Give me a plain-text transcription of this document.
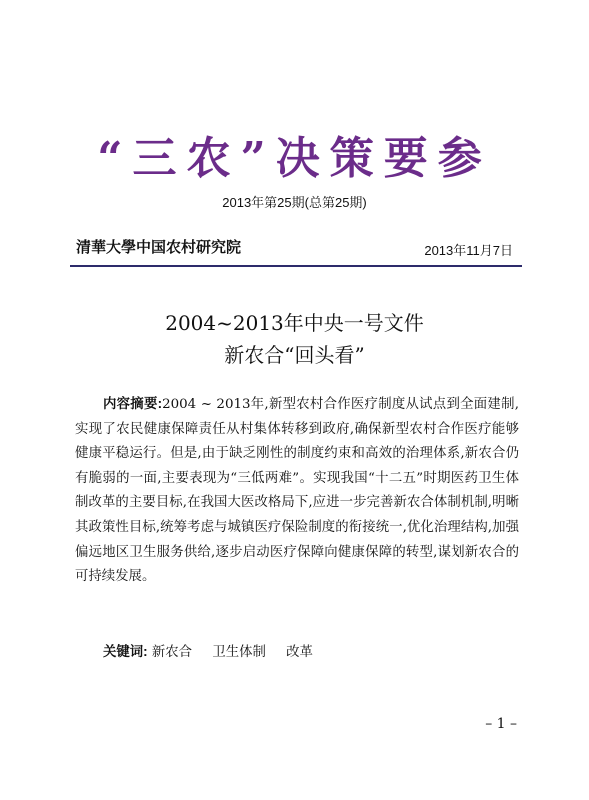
“三农”决策要参
2013年第25期(总第25期)
清華大學中国农村研究院	2013年11月7日
2004~2013年中央一号文件
新农合“回头看”
内容摘要:2004 ~ 2013年,新型农村合作医疗制度从试点到全面建制,实现了农民健康保障责任从村集体转移到政府,确保新型农村合作医疗能够健康平稳运行。但是,由于缺乏刚性的制度约束和高效的治理体系,新农合仍有脆弱的一面,主要表现为“三低两难”。实现我国“十二五”时期医药卫生体制改革的主要目标,在我国大医改格局下,应进一步完善新农合体制机制,明晰其政策性目标,统筹考虑与城镇医疗保险制度的衔接统一,优化治理结构,加强偏远地区卫生服务供给,逐步启动医疗保障向健康保障的转型,谋划新农合的可持续发展。
关键词: 新农合 卫生体制 改革
– 1 –
